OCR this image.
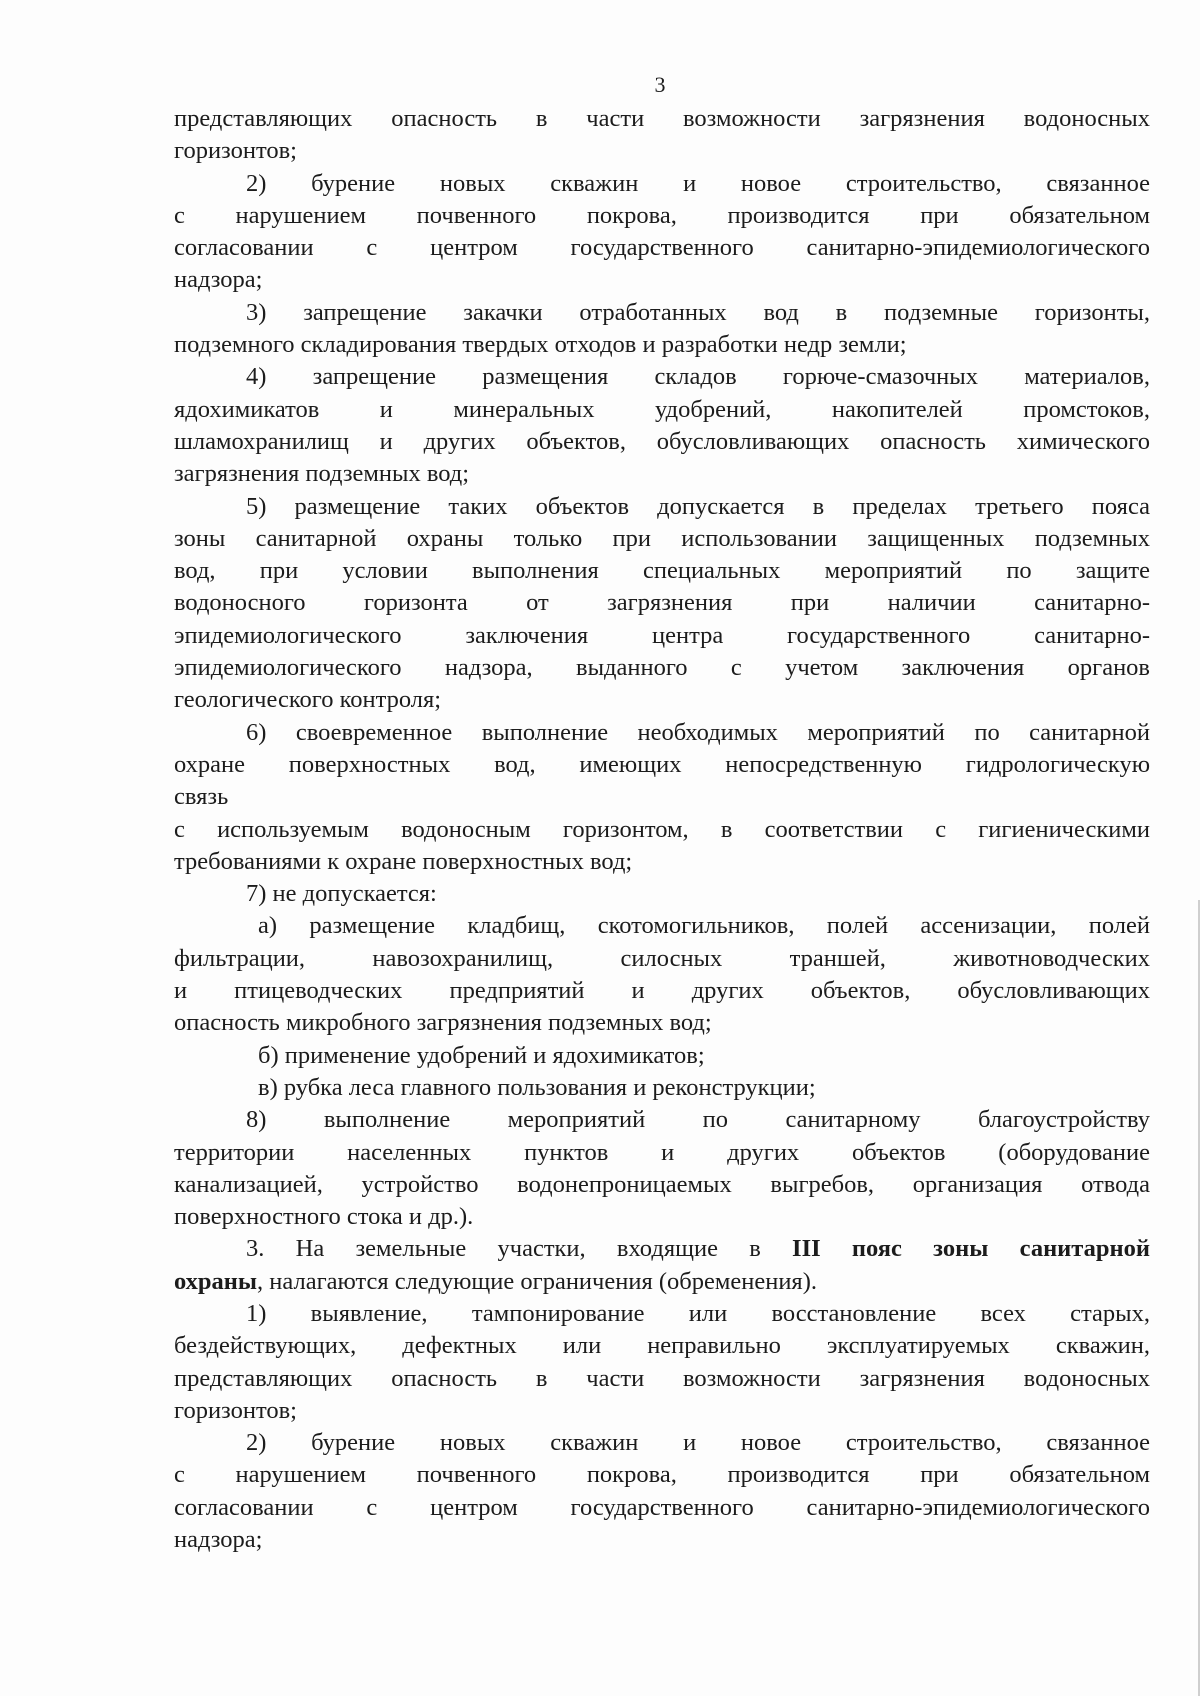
3

представляющих опасность в части возможности загрязнения водоносных

горизонтов;

2) бурение новых скважин и новое строительство, связанное

с нарушением почвенного покрова, производится при обязательном

согласовании с центром государственного санитарно-эпидемиологического

надзора;

3) запрещение закачки отработанных вод в подземные горизонты,

подземного складирования твердых отходов и разработки недр земли;

4) запрещение размещения складов горюче-смазочных материалов,

ядохимикатов и минеральных удобрений, накопителей промстоков,

шламохранилищ и других объектов, обусловливающих опасность химического

загрязнения подземных вод;

5) размещение таких объектов допускается в пределах третьего пояса

зоны санитарной охраны только при использовании защищенных подземных

вод, при условии выполнения специальных мероприятий по защите

водоносного горизонта от загрязнения при наличии санитарно-

эпидемиологического заключения центра государственного санитарно-

эпидемиологического надзора, выданного с учетом заключения органов

геологического контроля;

6) своевременное выполнение необходимых мероприятий по санитарной

охране поверхностных вод, имеющих непосредственную гидрологическую

связь

с используемым водоносным горизонтом, в соответствии с гигиеническими

требованиями к охране поверхностных вод;

7) не допускается:

а) размещение кладбищ, скотомогильников, полей ассенизации, полей

фильтрации, навозохранилищ, силосных траншей, животноводческих

и птицеводческих предприятий и других объектов, обусловливающих

опасность микробного загрязнения подземных вод;

б) применение удобрений и ядохимикатов;

в) рубка леса главного пользования и реконструкции;

8) выполнение мероприятий по санитарному благоустройству

территории населенных пунктов и других объектов (оборудование

канализацией, устройство водонепроницаемых выгребов, организация отвода

поверхностного стока и др.).

3. На земельные участки, входящие в III пояс зоны санитарной

охраны, налагаются следующие ограничения (обременения).

1) выявление, тампонирование или восстановление всех старых,

бездействующих, дефектных или неправильно эксплуатируемых скважин,

представляющих опасность в части возможности загрязнения водоносных

горизонтов;

2) бурение новых скважин и новое строительство, связанное

с нарушением почвенного покрова, производится при обязательном

согласовании с центром государственного санитарно-эпидемиологического

надзора;
